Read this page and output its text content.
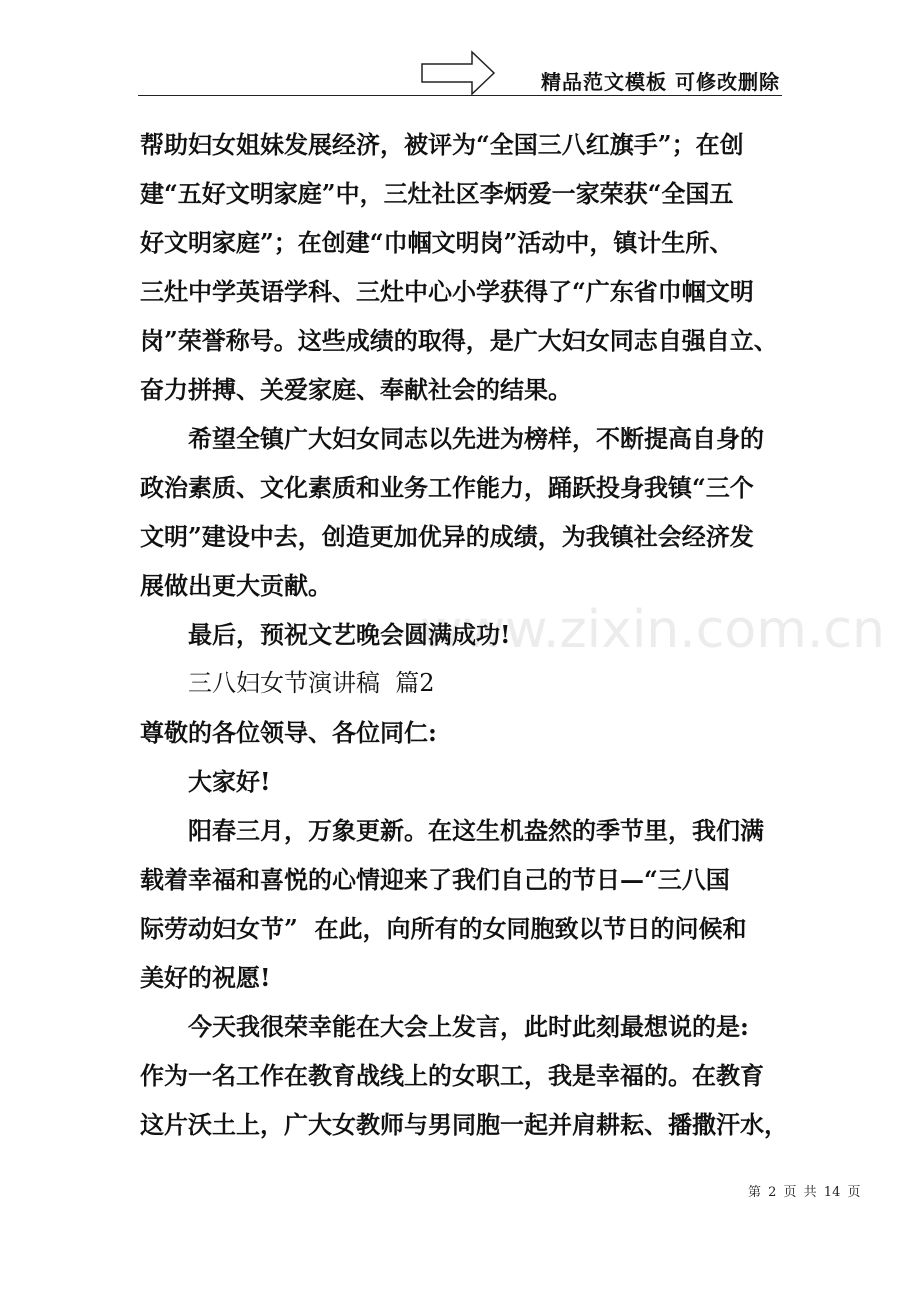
精品范文模板 可修改删除
www.zixin.com.cn
帮助妇女姐妹发展经济，被评为“全国三八红旗手”；在创
建“五好文明家庭”中，三灶社区李炳爱一家荣获“全国五
好文明家庭”；在创建“巾帼文明岗”活动中，镇计生所、
三灶中学英语学科、三灶中心小学获得了“广东省巾帼文明
岗”荣誉称号。这些成绩的取得，是广大妇女同志自强自立、
奋力拼搏、关爱家庭、奉献社会的结果。
希望全镇广大妇女同志以先进为榜样，不断提高自身的
政治素质、文化素质和业务工作能力，踊跃投身我镇“三个
文明”建设中去，创造更加优异的成绩，为我镇社会经济发
展做出更大贡献。
最后，预祝文艺晚会圆满成功!
三八妇女节演讲稿  篇2
尊敬的各位领导、各位同仁:
大家好!
阳春三月，万象更新。在这生机盎然的季节里，我们满
载着幸福和喜悦的心情迎来了我们自己的节日—“三八国
际劳动妇女节”  在此，向所有的女同胞致以节日的问候和
美好的祝愿!
今天我很荣幸能在大会上发言，此时此刻最想说的是:
作为一名工作在教育战线上的女职工，我是幸福的。在教育
这片沃土上，广大女教师与男同胞一起并肩耕耘、播撒汗水，
第 2 页 共 14 页
